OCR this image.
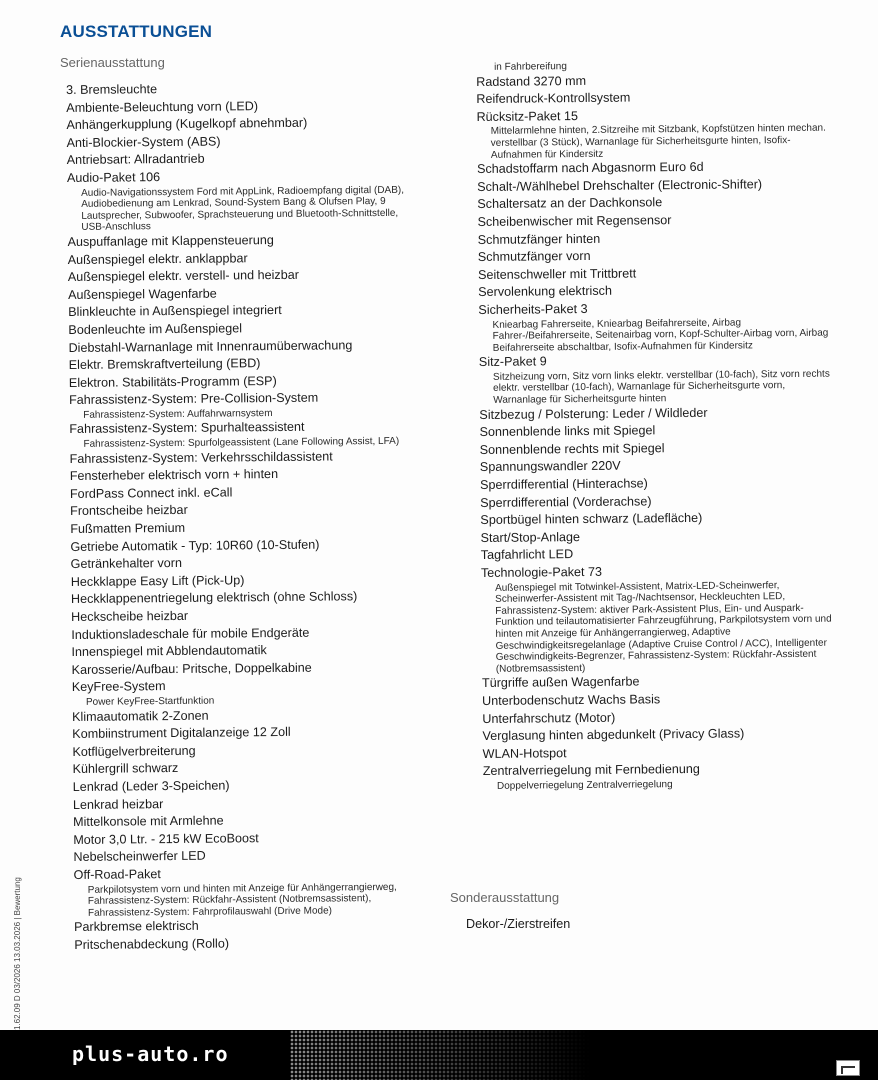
AUSSTATTUNGEN
Serienausstattung
3. Bremsleuchte
Ambiente-Beleuchtung vorn (LED)
Anhängerkupplung (Kugelkopf abnehmbar)
Anti-Blockier-System (ABS)
Antriebsart: Allradantrieb
Audio-Paket 106
Audio-Navigationssystem Ford mit AppLink, Radioempfang digital (DAB), Audiobedienung am Lenkrad, Sound-System Bang & Olufsen Play, 9 Lautsprecher, Subwoofer, Sprachsteuerung und Bluetooth-Schnittstelle, USB-Anschluss
Auspuffanlage mit Klappensteuerung
Außenspiegel elektr. anklappbar
Außenspiegel elektr. verstell- und heizbar
Außenspiegel Wagenfarbe
Blinkleuchte in Außenspiegel integriert
Bodenleuchte im Außenspiegel
Diebstahl-Warnanlage mit Innenraumüberwachung
Elektr. Bremskraftverteilung (EBD)
Elektron. Stabilitäts-Programm (ESP)
Fahrassistenz-System: Pre-Collision-System
Fahrassistenz-System: Auffahrwarnsystem
Fahrassistenz-System: Spurhalteassistent
Fahrassistenz-System: Spurfolgeassistent (Lane Following Assist, LFA)
Fahrassistenz-System: Verkehrsschildassistent
Fensterheber elektrisch vorn + hinten
FordPass Connect inkl. eCall
Frontscheibe heizbar
Fußmatten Premium
Getriebe Automatik - Typ: 10R60 (10-Stufen)
Getränkehalter vorn
Heckklappe Easy Lift (Pick-Up)
Heckklappenentriegelung elektrisch (ohne Schloss)
Heckscheibe heizbar
Induktionsladeschale für mobile Endgeräte
Innenspiegel mit Abblendautomatik
Karosserie/Aufbau: Pritsche, Doppelkabine
KeyFree-System
Power KeyFree-Startfunktion
Klimaautomatik 2-Zonen
Kombiinstrument Digitalanzeige 12 Zoll
Kotflügelverbreiterung
Kühlergrill schwarz
Lenkrad (Leder 3-Speichen)
Lenkrad heizbar
Mittelkonsole mit Armlehne
Motor 3,0 Ltr. - 215 kW EcoBoost
Nebelscheinwerfer LED
Off-Road-Paket
Parkpilotsystem vorn und hinten mit Anzeige für Anhängerrangierweg, Fahrassistenz-System: Rückfahr-Assistent (Notbremsassistent), Fahrassistenz-System: Fahrprofilauswahl (Drive Mode)
Parkbremse elektrisch
Pritschenabdeckung (Rollo)
in Fahrbereifung
Radstand 3270 mm
Reifendruck-Kontrollsystem
Rücksitz-Paket 15
Mittelarmlehne hinten, 2.Sitzreihe mit Sitzbank, Kopfstützen hinten mechan. verstellbar (3 Stück), Warnanlage für Sicherheitsgurte hinten, Isofix-Aufnahmen für Kindersitz
Schadstoffarm nach Abgasnorm Euro 6d
Schalt-/Wählhebel Drehschalter (Electronic-Shifter)
Schaltersatz an der Dachkonsole
Scheibenwischer mit Regensensor
Schmutzfänger hinten
Schmutzfänger vorn
Seitenschweller mit Trittbrett
Servolenkung elektrisch
Sicherheits-Paket 3
Kniearbag Fahrerseite, Kniearbag Beifahrerseite, Airbag Fahrer-/Beifahrerseite, Seitenairbag vorn, Kopf-Schulter-Airbag vorn, Airbag Beifahrerseite abschaltbar, Isofix-Aufnahmen für Kindersitz
Sitz-Paket 9
Sitzheizung vorn, Sitz vorn links elektr. verstellbar (10-fach), Sitz vorn rechts elektr. verstellbar (10-fach), Warnanlage für Sicherheitsgurte vorn, Warnanlage für Sicherheitsgurte hinten
Sitzbezug / Polsterung: Leder / Wildleder
Sonnenblende links mit Spiegel
Sonnenblende rechts mit Spiegel
Spannungswandler 220V
Sperrdifferential (Hinterachse)
Sperrdifferential (Vorderachse)
Sportbügel hinten schwarz (Ladefläche)
Start/Stop-Anlage
Tagfahrlicht LED
Technologie-Paket 73
Außenspiegel mit Totwinkel-Assistent, Matrix-LED-Scheinwerfer, Scheinwerfer-Assistent mit Tag-/Nachtsensor, Heckleuchten LED, Fahrassistenz-System: aktiver Park-Assistent Plus, Ein- und Auspark-Funktion und teilautomatisierter Fahrzeugführung, Parkpilotsystem vorn und hinten mit Anzeige für Anhängerrangierweg, Adaptive Geschwindigkeitsregelanlage (Adaptive Cruise Control / ACC), Intelligenter Geschwindigkeits-Begrenzer, Fahrassistenz-System: Rückfahr-Assistent (Notbremsassistent)
Türgriffe außen Wagenfarbe
Unterbodenschutz Wachs Basis
Unterfahrschutz (Motor)
Verglasung hinten abgedunkelt (Privacy Glass)
WLAN-Hotspot
Zentralverriegelung mit Fernbedienung
Doppelverriegelung Zentralverriegelung
Sonderausstattung
Dekor-/Zierstreifen
1.62.09 D 03/2026 13.03.2026 | Bewertung
plus-auto.ro
